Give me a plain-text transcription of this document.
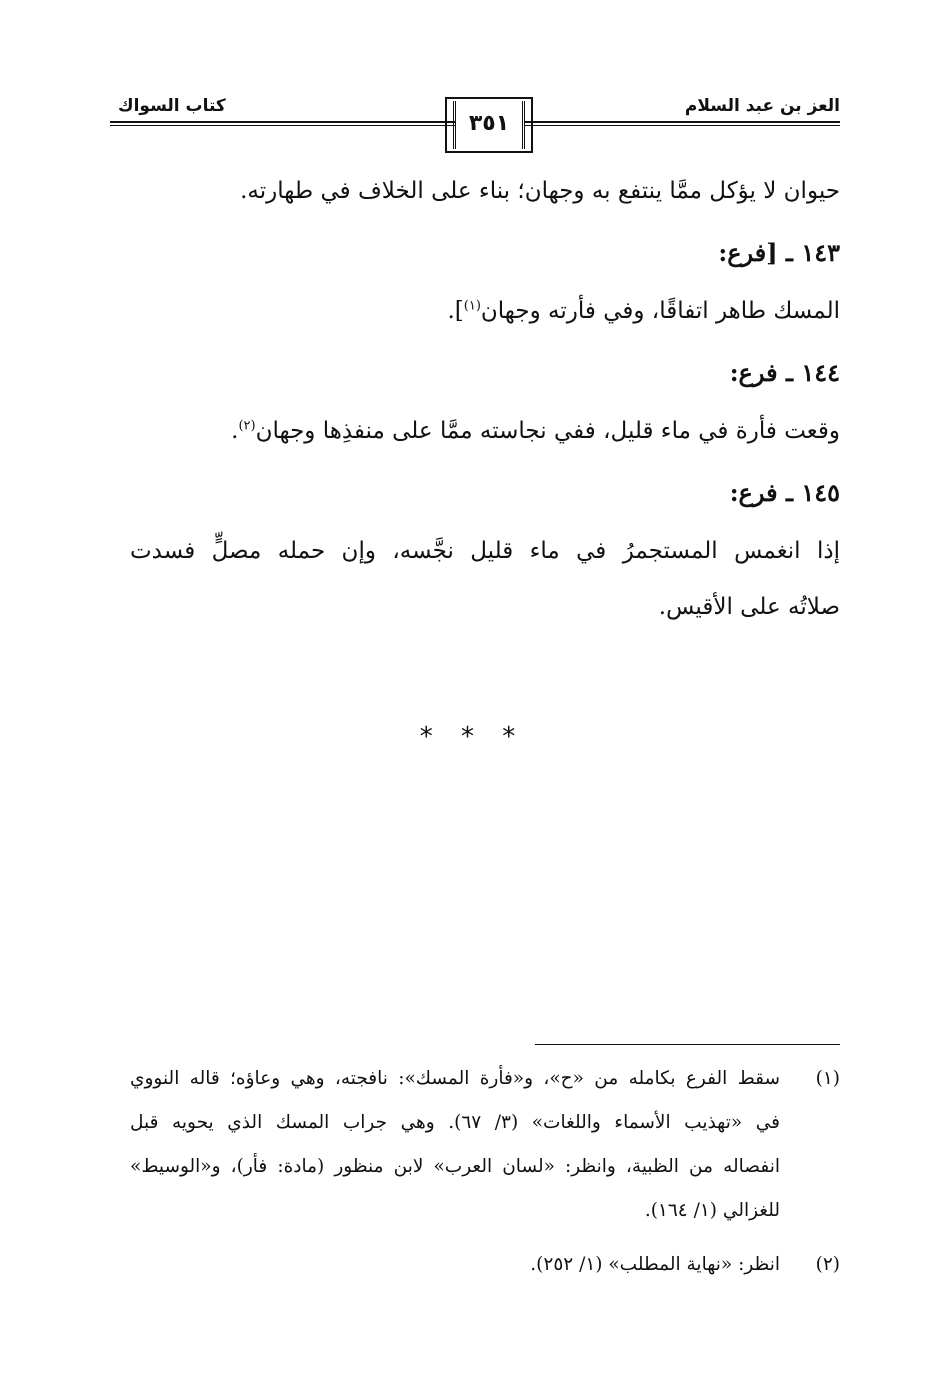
العز بن عبد السلام
كتاب السواك
٣٥١
حيوان لا يؤكل ممَّا ينتفع به وجهان؛ بناء على الخلاف في طهارته.
١٤٣ ـ [فرع:
المسك طاهر اتفاقًا، وفي فأرته وجهان$^{(١)}$].
١٤٤ ـ فرع:
وقعت فأرة في ماء قليل، ففي نجاسته ممَّا على منفذِها وجهان$^{(٢)}$.
١٤٥ ـ فرع:
إذا انغمس المستجمرُ في ماء قليل نجَّسه، وإن حمله مصلٍّ فسدت
صلاتُه على الأقيس.
* * *
(١)
سقط الفرع بكامله من «ح»، و«فأرة المسك»: نافجته، وهي وعاؤه؛ قاله النووي
في «تهذيب الأسماء واللغات» (٣/ ٦٧). وهي جراب المسك الذي يحويه قبل
انفصاله من الظبية، وانظر: «لسان العرب» لابن منظور (مادة: فأر)، و«الوسيط»
للغزالي (١/ ١٦٤).
(٢)
انظر: «نهاية المطلب» (١/ ٢٥٢).
